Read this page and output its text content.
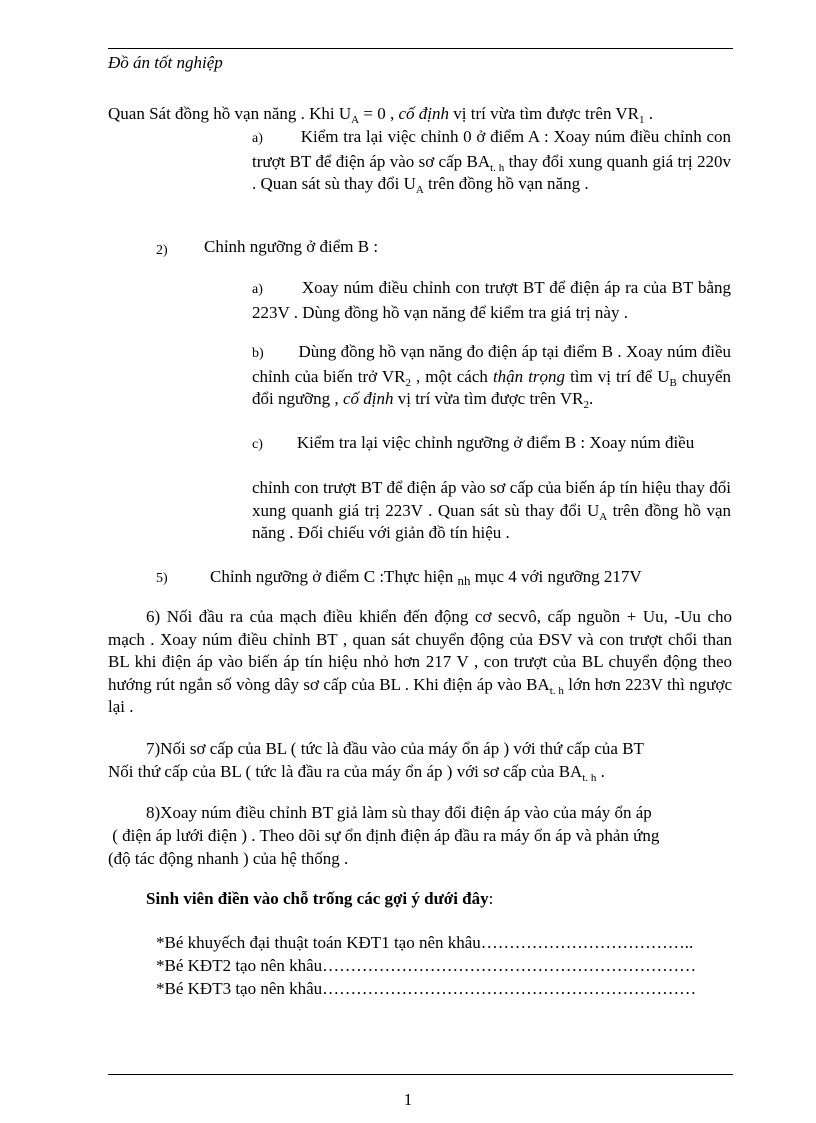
Đồ án tốt nghiệp
Quan Sát đồng hồ vạn năng . Khi $U_A = 0$ , cố định vị trí vừa tìm được trên $VR_1$ .
a) Kiểm tra lại việc chỉnh 0 ở điểm A : Xoay núm điều chỉnh con trượt BT để điện áp vào sơ cấp $BA_{t. h}$ thay đổi xung quanh giá trị 220v . Quan sát sù thay đổi $U_A$ trên đồng hồ vạn năng .
2) Chỉnh ngưỡng ở điểm B :
a) Xoay núm điều chỉnh con trượt BT để điện áp ra của BT bằng 223V . Dùng đồng hồ vạn năng để kiểm tra giá trị này .
b) Dùng đồng hồ vạn năng đo điện áp tại điểm B . Xoay núm điều chỉnh của biến trở $VR_2$ , một cách thận trọng tìm vị trí để $U_B$ chuyển đổi ngưỡng , cố định vị trí vừa tìm được trên $VR_2$.
c) Kiểm tra lại việc chỉnh ngưỡng ở điểm B : Xoay núm điều
chỉnh con trượt BT để điện áp vào sơ cấp của biến áp tín hiệu thay đổi xung quanh giá trị 223V . Quan sát sù thay đổi $U_A$ trên đồng hồ vạn năng . Đối chiếu với giản đồ tín hiệu .
5) Chỉnh ngưỡng ở điểm C :Thực hiện nh mục 4 với ngưỡng 217V
6) Nối đầu ra của mạch điều khiển đến động cơ secvô, cấp nguồn + Uu, -Uu cho mạch . Xoay núm điều chỉnh BT , quan sát chuyển động của ĐSV và con trượt chổi than BL khi điện áp vào biến áp tín hiệu nhỏ hơn 217 V , con trượt của BL chuyển động theo hướng rút ngắn số vòng dây sơ cấp của BL . Khi điện áp vào $BA_{t. h}$ lớn hơn 223V thì ngược lại .
7)Nối sơ cấp của BL ( tức là đầu vào của máy ổn áp ) với thứ cấp của BT
Nối thứ cấp của BL ( tức là đầu ra của máy ổn áp ) với sơ cấp của $BA_{t. h}$ .
8)Xoay núm điều chỉnh BT giả làm sù thay đổi điện áp vào của máy ổn áp
( điện áp lưới điện ) . Theo dõi sự ổn định điện áp đầu ra máy ổn áp và phản ứng
(độ tác động nhanh ) của hệ thống .
Sinh viên điền vào chỗ trống các gợi ý dưới đây:
*Bé khuyếch đại thuật toán KĐT1 tạo nên khâu………………………………..
*Bé KĐT2 tạo nên khâu…………………………………………………………
*Bé KĐT3 tạo nên khâu…………………………………………………………
1
